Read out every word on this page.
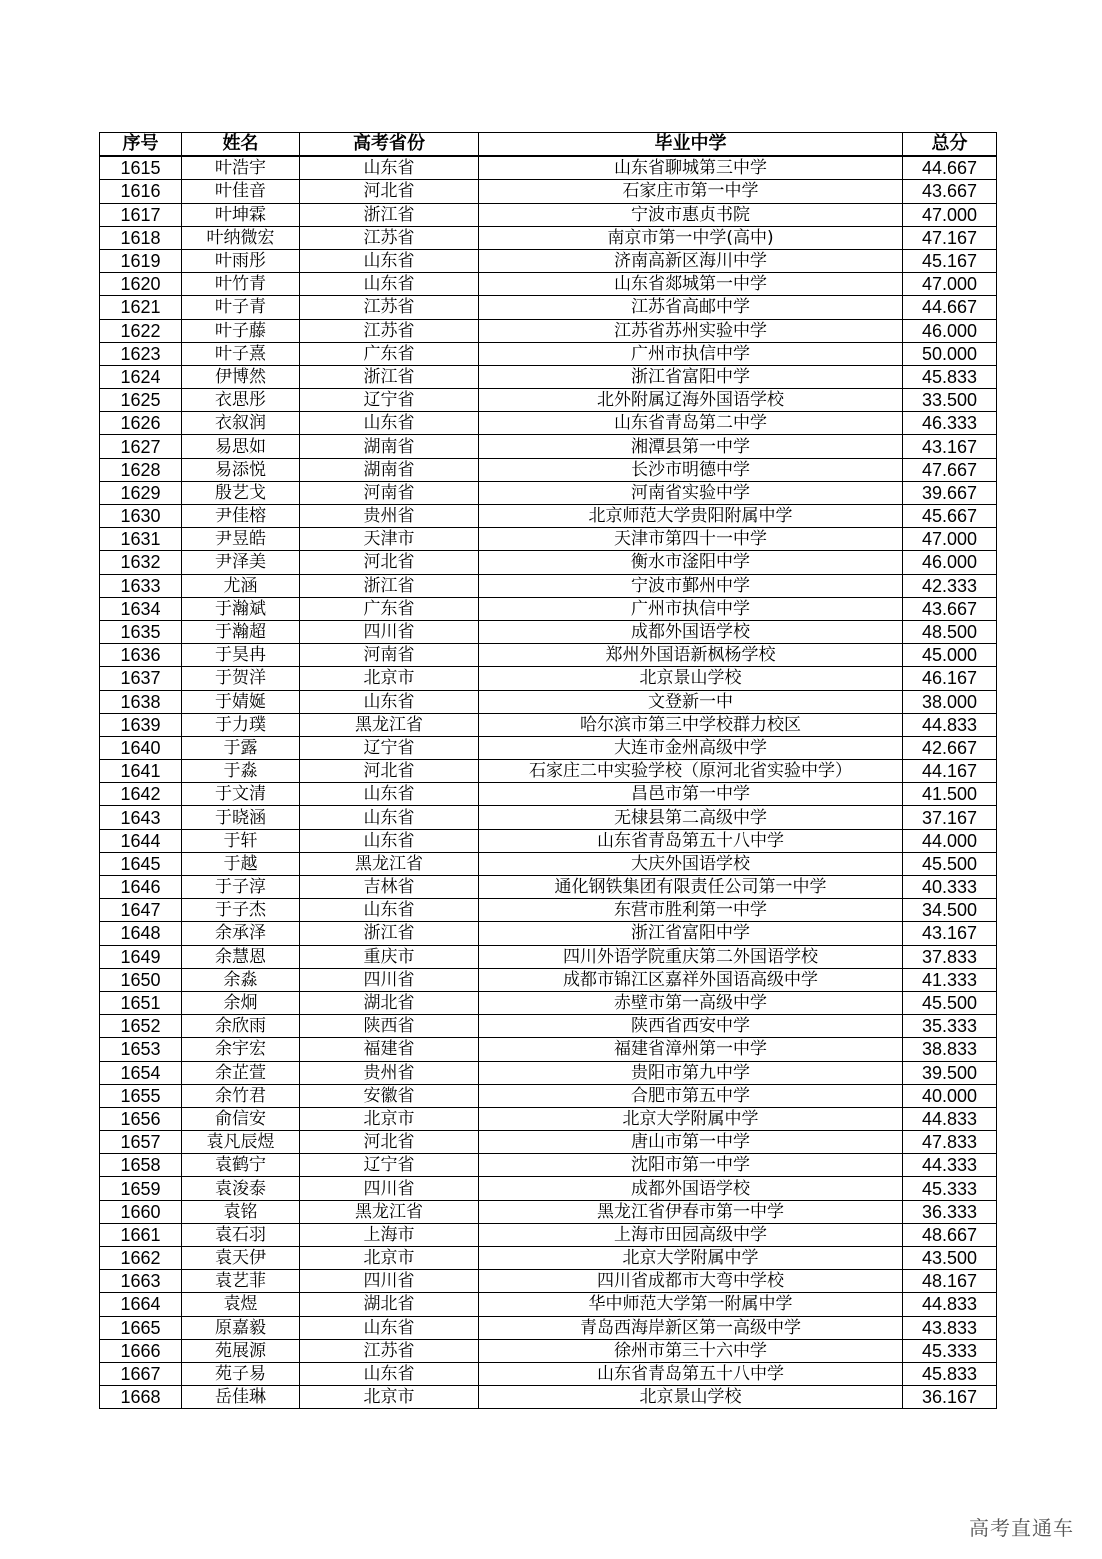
序号	姓名	高考省份	毕业中学	总分
1615	叶浩宇	山东省	山东省聊城第三中学	44.667
1616	叶佳音	河北省	石家庄市第一中学	43.667
1617	叶坤霖	浙江省	宁波市惠贞书院	47.000
1618	叶纳微宏	江苏省	南京市第一中学(高中)	47.167
1619	叶雨彤	山东省	济南高新区海川中学	45.167
1620	叶竹青	山东省	山东省郯城第一中学	47.000
1621	叶子青	江苏省	江苏省高邮中学	44.667
1622	叶子藤	江苏省	江苏省苏州实验中学	46.000
1623	叶子熹	广东省	广州市执信中学	50.000
1624	伊博然	浙江省	浙江省富阳中学	45.833
1625	衣思彤	辽宁省	北外附属辽海外国语学校	33.500
1626	衣叙润	山东省	山东省青岛第二中学	46.333
1627	易思如	湖南省	湘潭县第一中学	43.167
1628	易添悦	湖南省	长沙市明德中学	47.667
1629	殷艺戈	河南省	河南省实验中学	39.667
1630	尹佳榕	贵州省	北京师范大学贵阳附属中学	45.667
1631	尹昱皓	天津市	天津市第四十一中学	47.000
1632	尹泽美	河北省	衡水市滏阳中学	46.000
1633	尤涵	浙江省	宁波市鄞州中学	42.333
1634	于瀚斌	广东省	广州市执信中学	43.667
1635	于瀚超	四川省	成都外国语学校	48.500
1636	于昊冉	河南省	郑州外国语新枫杨学校	45.000
1637	于贺洋	北京市	北京景山学校	46.167
1638	于婧娫	山东省	文登新一中	38.000
1639	于力璞	黑龙江省	哈尔滨市第三中学校群力校区	44.833
1640	于露	辽宁省	大连市金州高级中学	42.667
1641	于淼	河北省	石家庄二中实验学校（原河北省实验中学）	44.167
1642	于文清	山东省	昌邑市第一中学	41.500
1643	于晓涵	山东省	无棣县第二高级中学	37.167
1644	于轩	山东省	山东省青岛第五十八中学	44.000
1645	于越	黑龙江省	大庆外国语学校	45.500
1646	于子淳	吉林省	通化钢铁集团有限责任公司第一中学	40.333
1647	于子杰	山东省	东营市胜利第一中学	34.500
1648	余承泽	浙江省	浙江省富阳中学	43.167
1649	余慧恩	重庆市	四川外语学院重庆第二外国语学校	37.833
1650	余淼	四川省	成都市锦江区嘉祥外国语高级中学	41.333
1651	余炯	湖北省	赤壁市第一高级中学	45.500
1652	余欣雨	陕西省	陕西省西安中学	35.333
1653	余宇宏	福建省	福建省漳州第一中学	38.833
1654	余芷萱	贵州省	贵阳市第九中学	39.500
1655	余竹君	安徽省	合肥市第五中学	40.000
1656	俞信安	北京市	北京大学附属中学	44.833
1657	袁凡辰煜	河北省	唐山市第一中学	47.833
1658	袁鹤宁	辽宁省	沈阳市第一中学	44.333
1659	袁浚泰	四川省	成都外国语学校	45.333
1660	袁铭	黑龙江省	黑龙江省伊春市第一中学	36.333
1661	袁石羽	上海市	上海市田园高级中学	48.667
1662	袁天伊	北京市	北京大学附属中学	43.500
1663	袁艺菲	四川省	四川省成都市大弯中学校	48.167
1664	袁煜	湖北省	华中师范大学第一附属中学	44.833
1665	原嘉毅	山东省	青岛西海岸新区第一高级中学	43.833
1666	苑展源	江苏省	徐州市第三十六中学	45.333
1667	苑子易	山东省	山东省青岛第五十八中学	45.833
1668	岳佳琳	北京市	北京景山学校	36.167
高考直通车
